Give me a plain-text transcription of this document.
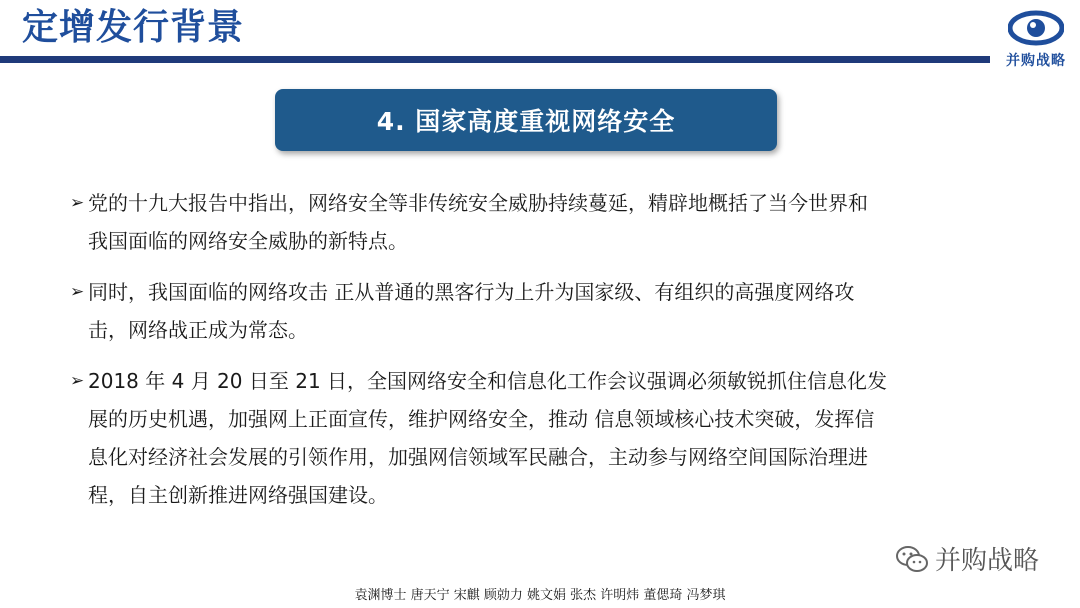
定增发行背景
并购战略
4. 国家高度重视网络安全
➢ 党的十九大报告中指出，网络安全等非传统安全威胁持续蔓延，精辟地概括了当今世界和
我国面临的网络安全威胁的新特点。
➢ 同时，我国面临的网络攻击 正从普通的黑客行为上升为国家级、有组织的高强度网络攻
击，网络战正成为常态。
➢ 2018 年 4 月 20 日至 21 日，全国网络安全和信息化工作会议强调必须敏锐抓住信息化发
展的历史机遇，加强网上正面宣传，维护网络安全，推动 信息领域核心技术突破，发挥信
息化对经济社会发展的引领作用，加强网信领域军民融合，主动参与网络空间国际治理进
程，自主创新推进网络强国建设。
并购战略
袁渊博士 唐天宁 宋麒 顾勍力 姚文娟 张杰 许明炜 董偲琦 冯梦琪
